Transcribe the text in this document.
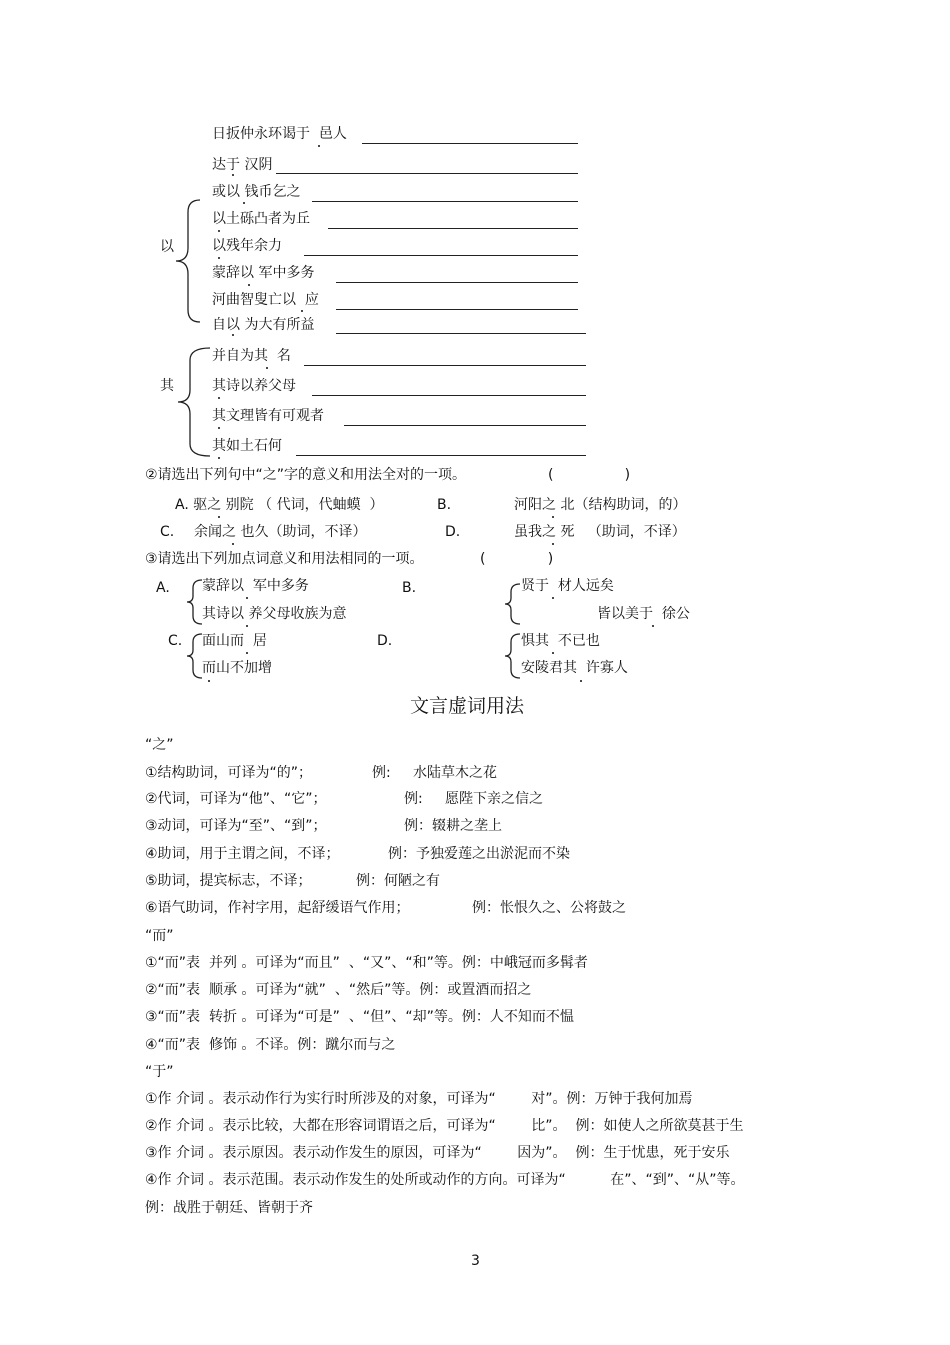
以
日扳仲永环谒于  邑人
达于 汉阴
或以 钱币乞之
以土砾凸者为丘
以残年余力
蒙辞以 军中多务
河曲智叟亡以  应
自以 为大有所益
其
并自为其  名
其诗以养父母
其文理皆有可观者
其如土石何
②请选出下列句中“之”字的意义和用法全对的一项。	(                )
A. 驱之 别院 （ 代词，代蚰蟆  ）	B.	河阳之 北（结构助词，的）
C. 余闻之 也久（助词，不译）	D.	虽我之 死   （助词，不译）
③请选出下列加点词意义和用法相同的一项。	(              )
A. 蒙辞以  军中多务
其诗以 养父母收族为意
B.	贤于  材人远矣
皆以美于  徐公
C. 面山而  居
而山不加增
D.	惧其  不已也
安陵君其  许寡人
文言虚词用法
“之”
①结构助词，可译为“的”；	例:     水陆草木之花
②代词，可译为“他”、“它”；	例:     愿陛下亲之信之
③动词，可译为“至”、“到”；	例：辍耕之垄上
④助词，用于主谓之间，不译；	例：予独爱莲之出淤泥而不染
⑤助词，提宾标志，不译；	例：何陋之有
⑥语气助词，作衬字用，起舒缓语气作用；	例：怅恨久之、公将鼓之
“而”
①“而”表  并列 。可译为“而且”  、“又”、“和”等。例：中峨冠而多髯者
②“而”表  顺承 。可译为“就”  、“然后”等。例：或置酒而招之
③“而”表  转折 。可译为“可是”  、“但”、“却”等。例：人不知而不愠
④“而”表  修饰 。不译。例：蹴尔而与之
“于”
①作 介词 。表示动作行为实行时所涉及的对象，可译为“        对”。例：万钟于我何加焉
②作 介词 。表示比较，大都在形容词谓语之后，可译为“        比”。  例：如使人之所欲莫甚于生
③作 介词 。表示原因。表示动作发生的原因，可译为“        因为”。  例：生于忧患，死于安乐
④作 介词 。表示范围。表示动作发生的处所或动作的方向。可译为“          在”、“到”、“从”等。
例：战胜于朝廷、皆朝于齐
3
